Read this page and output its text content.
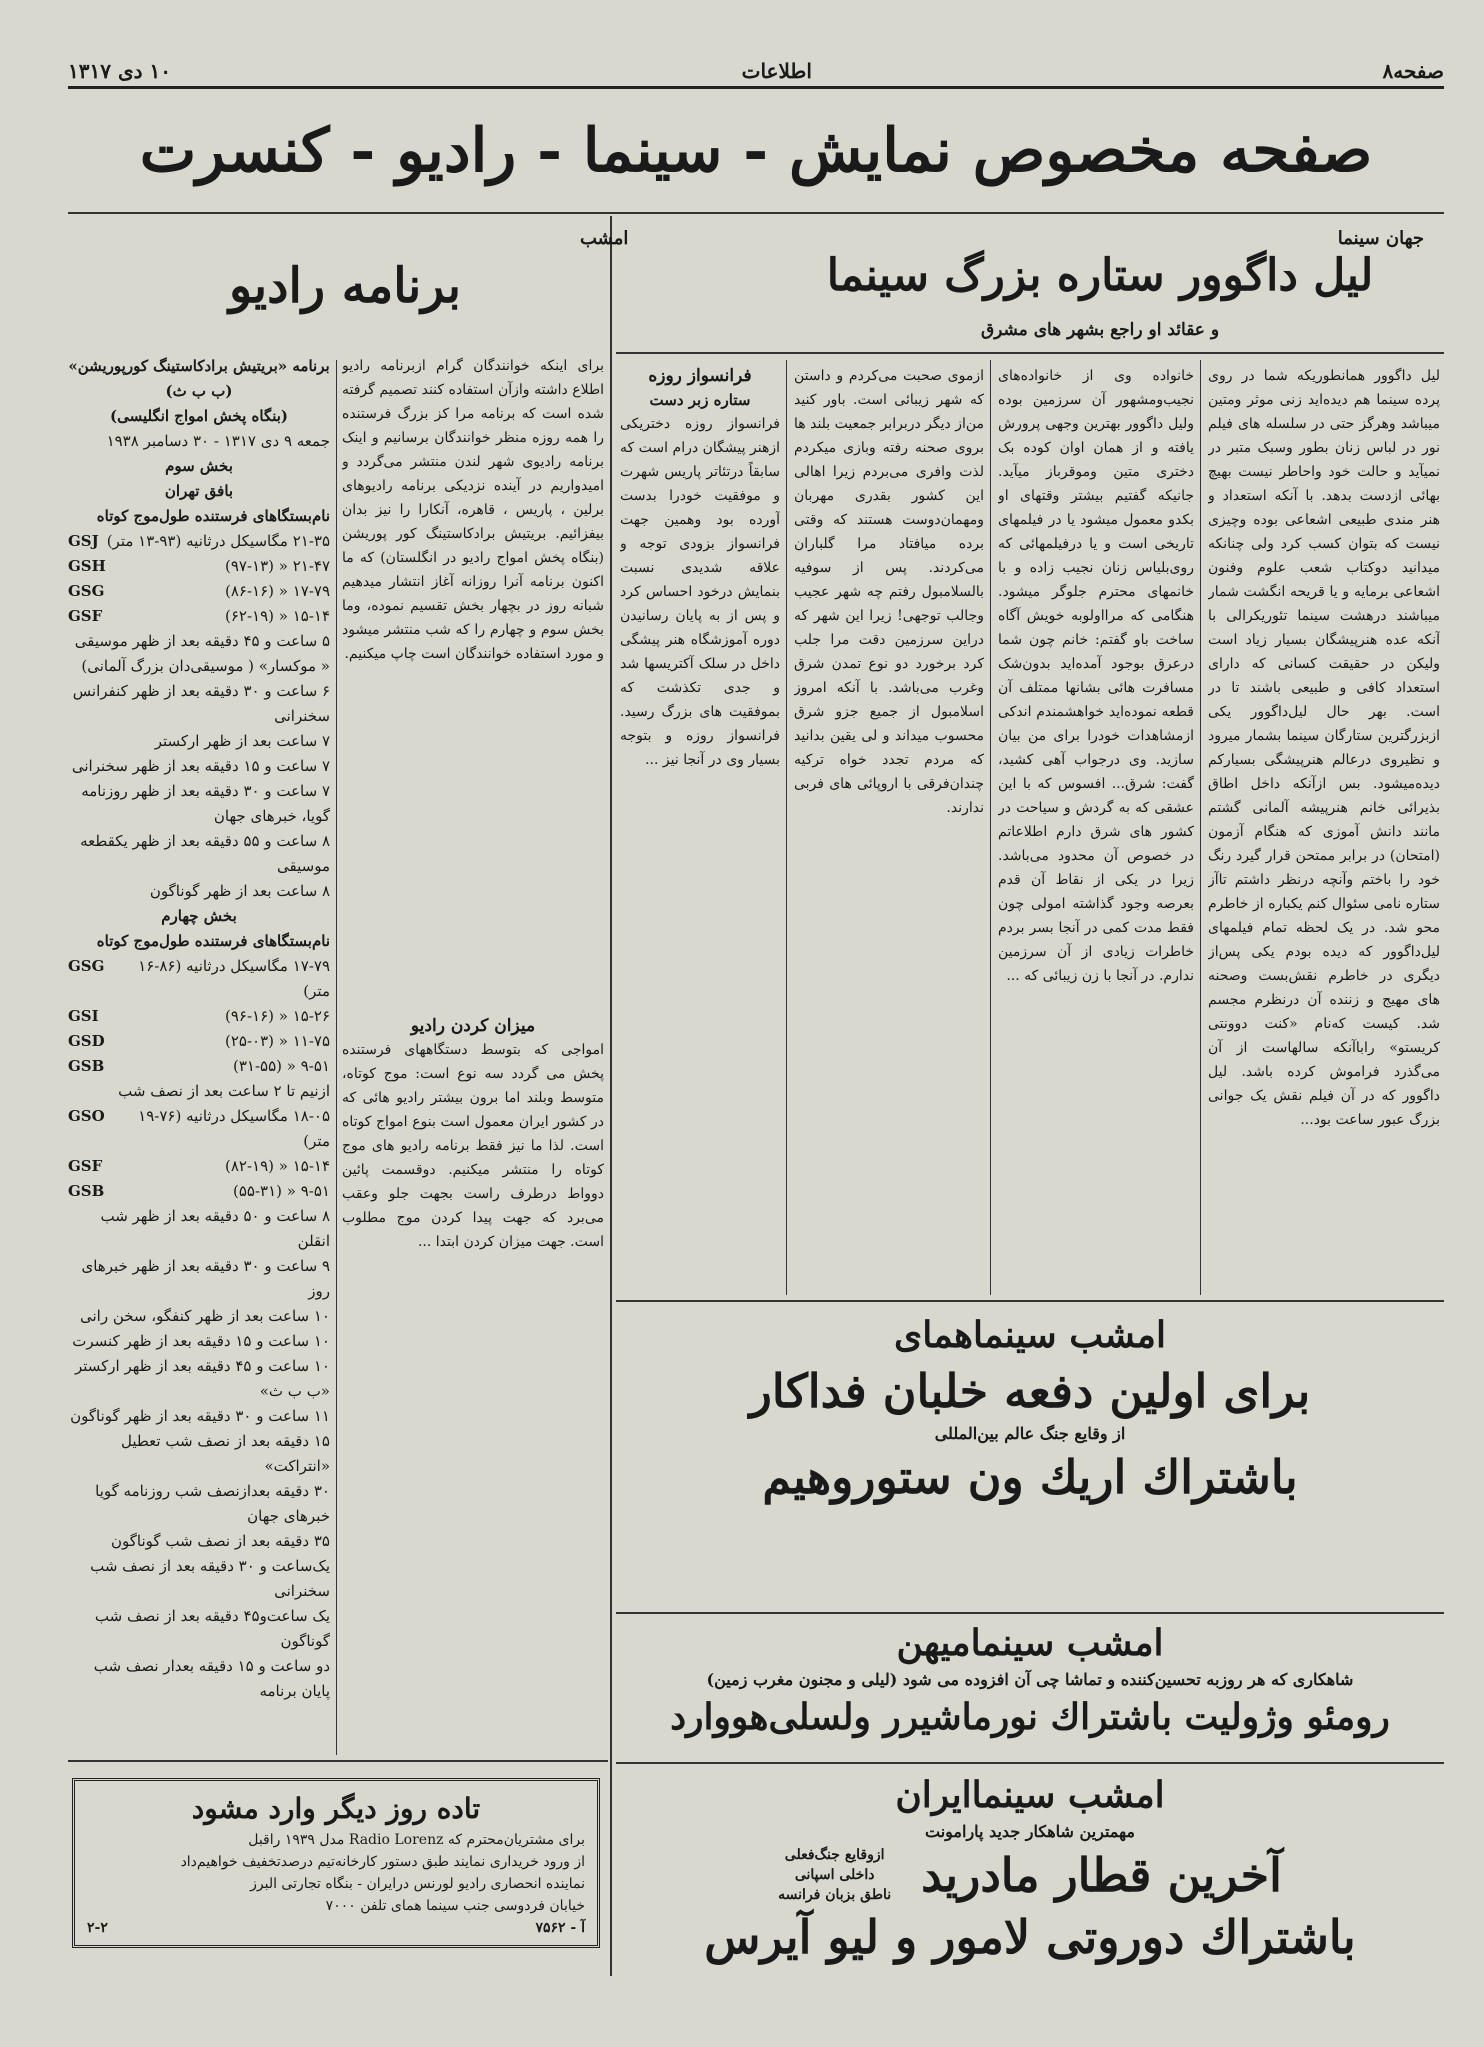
صفحه۸
اطلاعات
۱۰ دی ۱۳۱۷
صفحه مخصوص نمایش - سینما - رادیو - کنسرت
جهان سینما
لیل داگوور ستاره بزرگ سینما
و عقائد او راجع بشهر های مشرق
لیل داگوور همانطوریکه شما در روی پرده سینما هم دیده‌اید زنی موثر ومتین میباشد وهرگز حتی در سلسله های فیلم نور در لباس زنان بطور وسبک متبر در نمیآید و حالت خود واحاطر نیست بهیچ بهائی ازدست بدهد. با آنکه استعداد و هنر مندی طبیعی اشعاعی بوده وچیزی نیست که بتوان کسب کرد ولی چنانکه میدانید دوکتاب شعب علوم وفنون اشعاعی برمایه و یا قریحه انگشت شمار میباشند درهشت سینما تئوریکرالی با آنکه عده هنرپیشگان بسیار زیاد است ولیکن در حقیقت کسانی که دارای استعداد کافی و طبیعی باشند تا در است. بهر حال لیل‌داگوور یکی ازبزرگترین ستارگان سینما بشمار میرود و نظیروی درعالم هنرپیشگی بسیارکم دیده‌میشود. بس ازآنکه داخل اطاق بذیرائی خانم هنرپیشه آلمانی گشتم مانند دانش آموزی که هنگام آزمون (امتحان) در برابر ممتحن قرار گیرد رنگ خود را باختم وآنچه درنظر داشتم تاآز ستاره نامی سئوال کنم یکباره از خاطرم محو شد. در یک لحظه تمام فیلمهای لیل‌داگوور که دیده بودم یکی پس‌از دیگری در خاطرم نقش‌بست وصحنه های مهیج و زننده آن درنظرم مجسم شد. کیست که‌نام «کنت دوونتی کریستو» راباآنکه سالهاست از آن می‌گذرد فراموش کرده باشد. لیل داگوور که در آن فیلم نقش یک جوانی بزرگ عبور ساعت بود...
خانواده وی از خانواده‌های نجیب‌ومشهور آن سرزمین بوده ولیل داگوور بهترین وجهی پرورش یافته و از همان اوان کوده بک دختری متین وموقرباز میآید. جانیکه گفتیم بیشتر وقتهای او بکدو معمول میشود یا در فیلمهای تاریخی است و یا درفیلمهائی که روی‌بلیاس زنان نجیب زاده و با خانمهای محترم جلوگر میشود. هنگامی که مرااولوبه خویش آگاه ساخت باو گفتم: خانم چون شما درعرق بوجود آمده‌اید بدون‌شک مسافرت هائی بشانها ممتلف آن قطعه نموده‌اید خواهشمندم اندکی ازمشاهدات خودرا برای من بیان سازید. وی درجواب آهی کشید، گفت: شرق... افسوس که با این عشقی که به گردش و سیاحت در کشور های شرق دارم اطلاعاتم در خصوص آن محدود می‌باشد. زیرا در یکی از نقاط آن قدم بعرصه وجود گذاشته امولی چون فقط مدت کمی در آنجا بسر بردم خاطرات زیادی از آن سرزمین ندارم. در آنجا با زن زیبائی که ...
ازموی صحبت می‌کردم و داستن که شهر زیبائی است. باور کنید من‌از دیگر دربرابر جمعیت بلند ها بروی صحنه رفته وبازی میکردم لذت وافری می‌بردم زیرا اهالی این کشور بقدری مهربان ومهمان‌دوست هستند که وقتی برده میافتاد مرا گلباران می‌کردند. پس از سوفیه بالسلامبول رفتم چه شهر عجیب وجالب توجهی! زیرا این شهر که دراین سرزمین دقت مرا جلب کرد برخورد دو نوع تمدن شرق وغرب می‌باشد. با آنکه امروز اسلامبول از جمیع جزو شرق محسوب میداند و لی یقین بدانید که مردم تجدد خواه ترکیه چندان‌فرقی با اروپائی های فربی ندارند.
فرانسواز روزه
ستاره زبر دست
فرانسواز روزه دختریکی ازهنر پیشگان درام است که سابقاً درتئاتر پاریس شهرت و موفقیت خودرا بدست آورده بود وهمین جهت فرانسواز بزودی توجه و علاقه شدیدی نسبت بنمایش درخود احساس کرد و پس از به پایان رسانیدن دوره آموزشگاه هنر پیشگی داخل در سلک آکتریسها شد و جدی تکذشت که بموفقیت های بزرگ رسید. فرانسواز روزه و بتوجه بسیار وی در آنجا نیز ...
امشب
برنامه رادیو
برای اینکه خوانندگان گرام ازبرنامه رادیو اطلاع داشته وازآن استفاده کنند تصمیم گرفته شده است که برنامه مرا کز بزرگ فرستنده را همه روزه منظر خوانندگان برسانیم و اینک برنامه رادیوی شهر لندن منتشر می‌گردد و امیدواریم در آینده نزدیکی برنامه رادیوهای برلین ، پاریس ، قاهره، آنکارا را نیز بدان بیفزائیم. بریتیش برادکاستینگ کور پوریشن (بنگاه پخش امواج رادیو در انگلستان) که ما اکنون برنامه آنرا روزانه آغاز انتشار میدهیم شبانه روز در بچهار بخش تقسیم نموده، وما بخش سوم و چهارم را که شب منتشر میشود و مورد استفاده خوانندگان است چاپ میکنیم.
میزان کردن رادیو
امواجی که بتوسط دستگاههای فرستنده پخش می گردد سه نوع است: موج کوتاه، متوسط وبلند اما برون بیشتر رادیو هائی که در کشور ایران معمول است بنوع امواج کوتاه است. لذا ما نیز فقط برنامه رادیو های موج کوتاه را منتشر میکنیم. دوقسمت پائین دوواط درطرف راست بجهت جلو وعقب می‌برد که جهت پیدا کردن موج مطلوب است. جهت میزان کردن ابتدا ...
برنامه «بریتیش برادکاستینگ کورپوریشن»
(ب ب ث)
(بنگاه پخش امواج انگلیسی)
جمعه ۹ دی ۱۳۱۷ - ۳۰ دسامبر ۱۹۳۸
بخش سوم
بافق تهران
نام‌بستگاهای فرستنده طول‌موج کوتاه
۲۱-۳۵ مگاسیکل درثانیه (۹۳-۱۳ متر)
GSJ
۲۱-۴۷ « (۹۷-۱۳)
GSH
۱۷-۷۹ « (۸۶-۱۶)
GSG
۱۵-۱۴ « (۶۲-۱۹)
GSF
۵ ساعت و ۴۵ دقیقه بعد از ظهر موسیقی « موکسار» ( موسیقی‌دان بزرگ آلمانی)
۶ ساعت و ۳۰ دقیقه بعد از ظهر کنفرانس سخنرانی
۷ ساعت بعد از ظهر ارکستر
۷ ساعت و ۱۵ دقیقه بعد از ظهر سخنرانی
۷ ساعت و ۳۰ دقیقه بعد از ظهر روزنامه گویا، خبرهای جهان
۸ ساعت و ۵۵ دقیقه بعد از ظهر یکقطعه موسیقی
۸ ساعت بعد از ظهر گوناگون
بخش چهارم
نام‌بستگاهای فرستنده طول‌موج کوتاه
۱۷-۷۹ مگاسیکل درثانیه (۸۶-۱۶ متر)
GSG
۱۵-۲۶ « (۹۶-۱۶)
GSI
۱۱-۷۵ « (۲۵-۰۳)
GSD
۹-۵۱ « (۳۱-۵۵)
GSB
ازنیم تا ۲ ساعت بعد از نصف شب
۱۸-۰۵ مگاسیکل درثانیه (۷۶-۱۹ متر)
GSO
۱۵-۱۴ « (۸۲-۱۹)
GSF
۹-۵۱ « (۵۵-۳۱)
GSB
۸ ساعت و ۵۰ دقیقه بعد از ظهر شب انقلن
۹ ساعت و ۳۰ دقیقه بعد از ظهر خبرهای روز
۱۰ ساعت بعد از ظهر کنفگو، سخن رانی
۱۰ ساعت و ۱۵ دقیقه بعد از ظهر کنسرت
۱۰ ساعت و ۴۵ دقیقه بعد از ظهر ارکستر «ب ب ث»
۱۱ ساعت و ۳۰ دقیقه بعد از ظهر گوناگون
۱۵ دقیقه بعد از نصف شب تعطیل «انتراکت»
۳۰ دقیقه بعدازنصف شب روزنامه گویا خبرهای جهان
۳۵ دقیقه بعد از نصف شب گوناگون
یک‌ساعت و ۳۰ دقیقه بعد از نصف شب سخنرانی
یک ساعت‌و۴۵ دقیقه بعد از نصف شب گوناگون
دو ساعت و ۱۵ دقیقه بعدار نصف شب پایان برنامه
امشب سینماهمای
برای اولین دفعه خلبان فداکار
از وقایع جنگ عالم بین‌المللی
باشتراك اريك ون ستوروهيم
امشب سینمامیهن
شاهکاری که هر روزبه تحسین‌کننده و تماشا چی آن افزوده می شود (لیلی و مجنون مغرب زمین)
رومئو وژولیت باشتراك نورماشیرر ولسلی‌هووارد
امشب سینماایران
مهمترین شاهکار جدید پارامونت
آخرین قطار مادرید
ازوقایع جنگ‌فعلی
داخلی اسپانی
ناطق بزبان فرانسه
باشتراك دوروتی لامور و لیو آیرس
تاده روز دیگر وارد مشود
برای مشتریان‌محترم که Radio Lorenz مدل ۱۹۳۹ راقبل
از ورود خریداری نمایند طبق دستور کارخانه‌تیم‌ در‌صدتخفیف خواهیم‌داد
نماینده انحصاری رادیو لورنس درایران - بنگاه تجارتی البرز
خیابان فردوسی جنب سینما همای تلفن ۷۰۰۰
آ - ۷۵۶۲
۲-۲
